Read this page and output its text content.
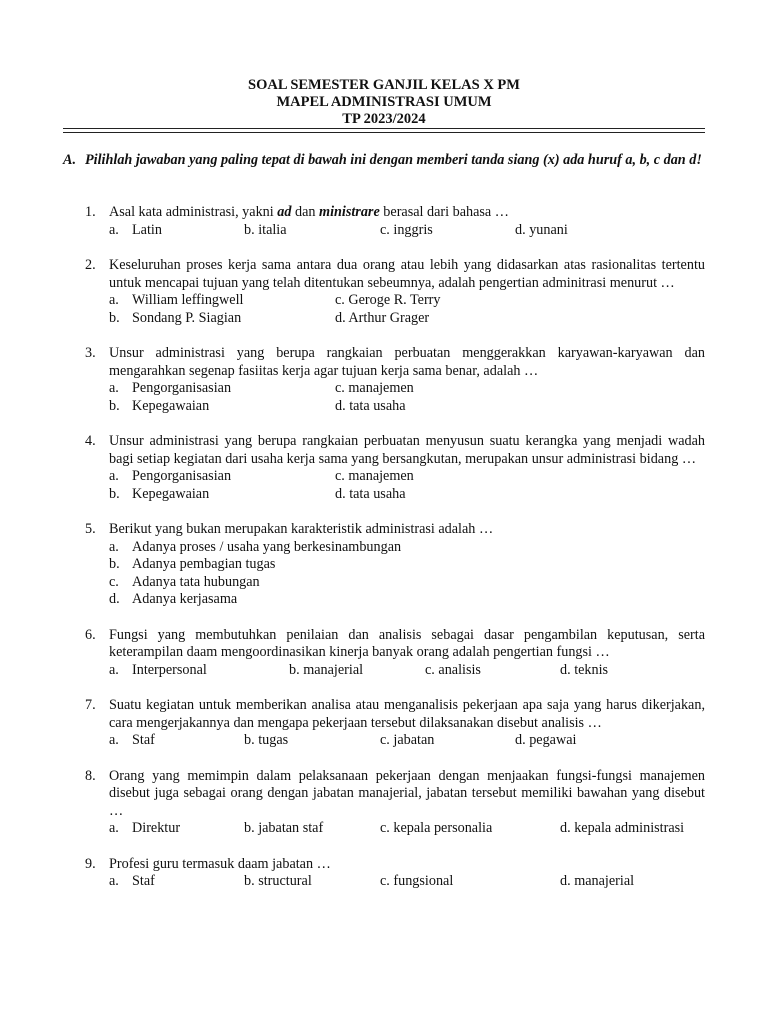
SOAL SEMESTER GANJIL KELAS X PM
MAPEL ADMINISTRASI UMUM
TP 2023/2024
A. Pilihlah jawaban yang paling tepat di bawah ini dengan memberi tanda siang (x) ada huruf a, b, c dan d!
1. Asal kata administrasi, yakni ad dan ministrare berasal dari bahasa …
a. Latin	b. italia	c. inggris	d. yunani
2. Keseluruhan proses kerja sama antara dua orang atau lebih yang didasarkan atas rasionalitas tertentu untuk mencapai tujuan yang telah ditentukan sebeumnya, adalah pengertian adminitrasi menurut …
a. William leffingwell	c. Geroge R. Terry
b. Sondang P. Siagian	d. Arthur Grager
3. Unsur administrasi yang berupa rangkaian perbuatan menggerakkan karyawan-karyawan dan mengarahkan segenap fasiitas kerja agar tujuan kerja sama benar, adalah …
a. Pengorganisasian	c. manajemen
b. Kepegawaian	d. tata usaha
4. Unsur administrasi yang berupa rangkaian perbuatan menyusun suatu kerangka yang menjadi wadah bagi setiap kegiatan dari usaha kerja sama yang bersangkutan, merupakan unsur administrasi bidang …
a. Pengorganisasian	c. manajemen
b. Kepegawaian	d. tata usaha
5. Berikut yang bukan merupakan karakteristik administrasi adalah …
a. Adanya proses / usaha yang berkesinambungan
b. Adanya pembagian tugas
c. Adanya tata hubungan
d. Adanya kerjasama
6. Fungsi yang membutuhkan penilaian dan analisis sebagai dasar pengambilan keputusan, serta keterampilan daam mengoordinasikan kinerja banyak orang adalah pengertian fungsi …
a. Interpersonal	b. manajerial	c. analisis	d. teknis
7. Suatu kegiatan untuk memberikan analisa atau menganalisis pekerjaan apa saja yang harus dikerjakan, cara mengerjakannya dan mengapa pekerjaan tersebut dilaksanakan disebut analisis …
a. Staf	b. tugas	c. jabatan	d. pegawai
8. Orang yang memimpin dalam pelaksanaan pekerjaan dengan menjaakan fungsi-fungsi manajemen disebut juga sebagai orang dengan jabatan manajerial, jabatan tersebut memiliki bawahan yang disebut …
a. Direktur	b. jabatan staf	c. kepala personalia	d. kepala administrasi
9. Profesi guru termasuk daam jabatan …
a. Staf	b. structural	c. fungsional	d. manajerial
